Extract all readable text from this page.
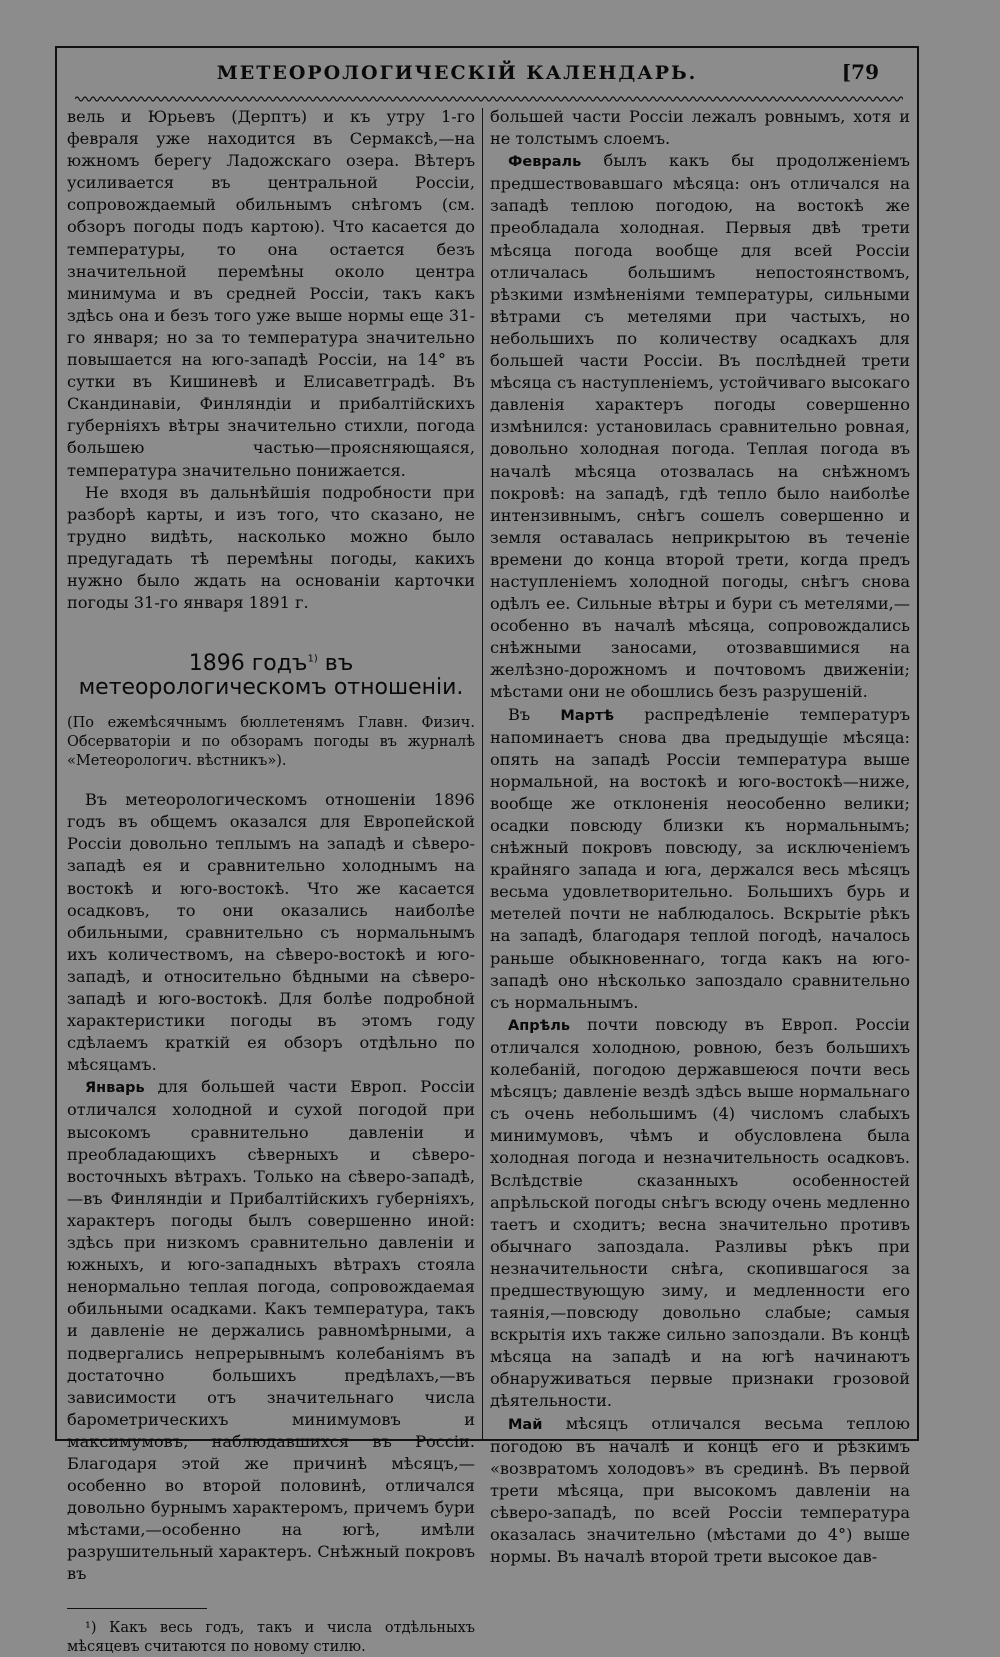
МЕТЕОРОЛОГИЧЕСКІЙ КАЛЕНДАРЬ.	[79

вель и Юрьевъ (Дерптъ) и къ утру 1-го февраля уже находится въ Сермаксѣ,—на южномъ берегу Ладожскаго озера. Вѣтеръ усиливается въ центральной Россіи, сопровождаемый обильнымъ снѣгомъ (см. обзоръ погоды подъ картою). Что касается до температуры, то она остается безъ значительной перемѣны около центра минимума и въ средней Россіи, такъ какъ здѣсь она и безъ того уже выше нормы еще 31-го января; но за то температура значительно повышается на юго-западѣ Россіи, на 14° въ сутки въ Кишиневѣ и Елисаветградѣ. Въ Скандинавіи, Финляндіи и прибалтійскихъ губерніяхъ вѣтры значительно стихли, погода большею частью—проясняющаяся, температура значительно понижается.

Не входя въ дальнѣйшія подробности при разборѣ карты, и изъ того, что сказано, не трудно видѣть, насколько можно было предугадать тѣ перемѣны погоды, какихъ нужно было ждать на основаніи карточки погоды 31-го января 1891 г.

1896 годъ$^{1)}$ въ метеорологическомъ отношеніи.

(По ежемѣсячнымъ бюллетенямъ Главн. Физич. Обсерваторіи и по обзорамъ погоды въ журналѣ «Метеорологич. вѣстникъ»).

Въ метеорологическомъ отношеніи 1896 годъ въ общемъ оказался для Европейской Россіи довольно теплымъ на западѣ и сѣверо-западѣ ея и сравнительно холоднымъ на востокѣ и юго-востокѣ. Что же касается осадковъ, то они оказались наиболѣе обильными, сравнительно съ нормальнымъ ихъ количествомъ, на сѣверо-востокѣ и юго-западѣ, и относительно бѣдными на сѣверо-западѣ и юго-востокѣ. Для болѣе подробной характеристики погоды въ этомъ году сдѣлаемъ краткій ея обзоръ отдѣльно по мѣсяцамъ.

Январь для большей части Европ. Россіи отличался холодной и сухой погодой при высокомъ сравнительно давленіи и преобладающихъ сѣверныхъ и сѣверо-восточныхъ вѣтрахъ. Только на сѣверо-западѣ,—въ Финляндіи и Прибалтійскихъ губерніяхъ, характеръ погоды былъ совершенно иной: здѣсь при низкомъ сравнительно давленіи и южныхъ, и юго-западныхъ вѣтрахъ стояла ненормально теплая погода, сопровождаемая обильными осадками. Какъ температура, такъ и давленіе не держались равномѣрными, а подвергались непрерывнымъ колебаніямъ въ достаточно большихъ предѣлахъ,—въ зависимости отъ значительнаго числа барометрическихъ минимумовъ и максимумовъ, наблюдавшихся въ Россіи. Благодаря этой же причинѣ мѣсяцъ,—особенно во второй половинѣ, отличался довольно бурнымъ характеромъ, причемъ бури мѣстами,—особенно на югѣ, имѣли разрушительный характеръ. Снѣжный покровъ въ

¹) Какъ весь годъ, такъ и числа отдѣльныхъ мѣсяцевъ считаются по новому стилю.

большей части Россіи лежалъ ровнымъ, хотя и не толстымъ слоемъ.

Февраль былъ какъ бы продолженіемъ предшествовавшаго мѣсяца: онъ отличался на западѣ теплою погодою, на востокѣ же преобладала холодная. Первыя двѣ трети мѣсяца погода вообще для всей Россіи отличалась большимъ непостоянствомъ, рѣзкими измѣненіями температуры, сильными вѣтрами съ метелями при частыхъ, но небольшихъ по количеству осадкахъ для большей части Россіи. Въ послѣдней трети мѣсяца съ наступленіемъ, устойчиваго высокаго давленія характеръ погоды совершенно измѣнился: установилась сравнительно ровная, довольно холодная погода. Теплая погода въ началѣ мѣсяца отозвалась на снѣжномъ покровѣ: на западѣ, гдѣ тепло было наиболѣе интензивнымъ, снѣгъ сошелъ совершенно и земля оставалась неприкрытою въ теченіе времени до конца второй трети, когда предъ наступленіемъ холодной погоды, снѣгъ снова одѣлъ ее. Сильные вѣтры и бури съ метелями,—особенно въ началѣ мѣсяца, сопровождались снѣжными заносами, отозвавшимися на желѣзно-дорожномъ и почтовомъ движеніи; мѣстами они не обошлись безъ разрушеній.

Въ Мартѣ распредѣленіе температуръ напоминаетъ снова два предыдущіе мѣсяца: опять на западѣ Россіи температура выше нормальной, на востокѣ и юго-востокѣ—ниже, вообще же отклоненія неособенно велики; осадки повсюду близки къ нормальнымъ; снѣжный покровъ повсюду, за исключеніемъ крайняго запада и юга, держался весь мѣсяцъ весьма удовлетворительно. Большихъ бурь и метелей почти не наблюдалось. Вскрытіе рѣкъ на западѣ, благодаря теплой погодѣ, началось раньше обыкновеннаго, тогда какъ на юго-западѣ оно нѣсколько запоздало сравнительно съ нормальнымъ.

Апрѣль почти повсюду въ Европ. Россіи отличался холодною, ровною, безъ большихъ колебаній, погодою державшеюся почти весь мѣсяцъ; давленіе вездѣ здѣсь выше нормальнаго съ очень небольшимъ (4) числомъ слабыхъ минимумовъ, чѣмъ и обусловлена была холодная погода и незначительность осадковъ. Вслѣдствіе сказанныхъ особенностей апрѣльской погоды снѣгъ всюду очень медленно таетъ и сходитъ; весна значительно противъ обычнаго запоздала. Разливы рѣкъ при незначительности снѣга, скопившагося за предшествующую зиму, и медленности его таянія,—повсюду довольно слабые; самыя вскрытія ихъ также сильно запоздали. Въ концѣ мѣсяца на западѣ и на югѣ начинаютъ обнаруживаться первые признаки грозовой дѣятельности.

Май мѣсяцъ отличался весьма теплою погодою въ началѣ и концѣ его и рѣзкимъ «возвратомъ холодовъ» въ срединѣ. Въ первой трети мѣсяца, при высокомъ давленіи на сѣверо-западѣ, по всей Россіи температура оказалась значительно (мѣстами до 4°) выше нормы. Въ началѣ второй трети высокое дав-
